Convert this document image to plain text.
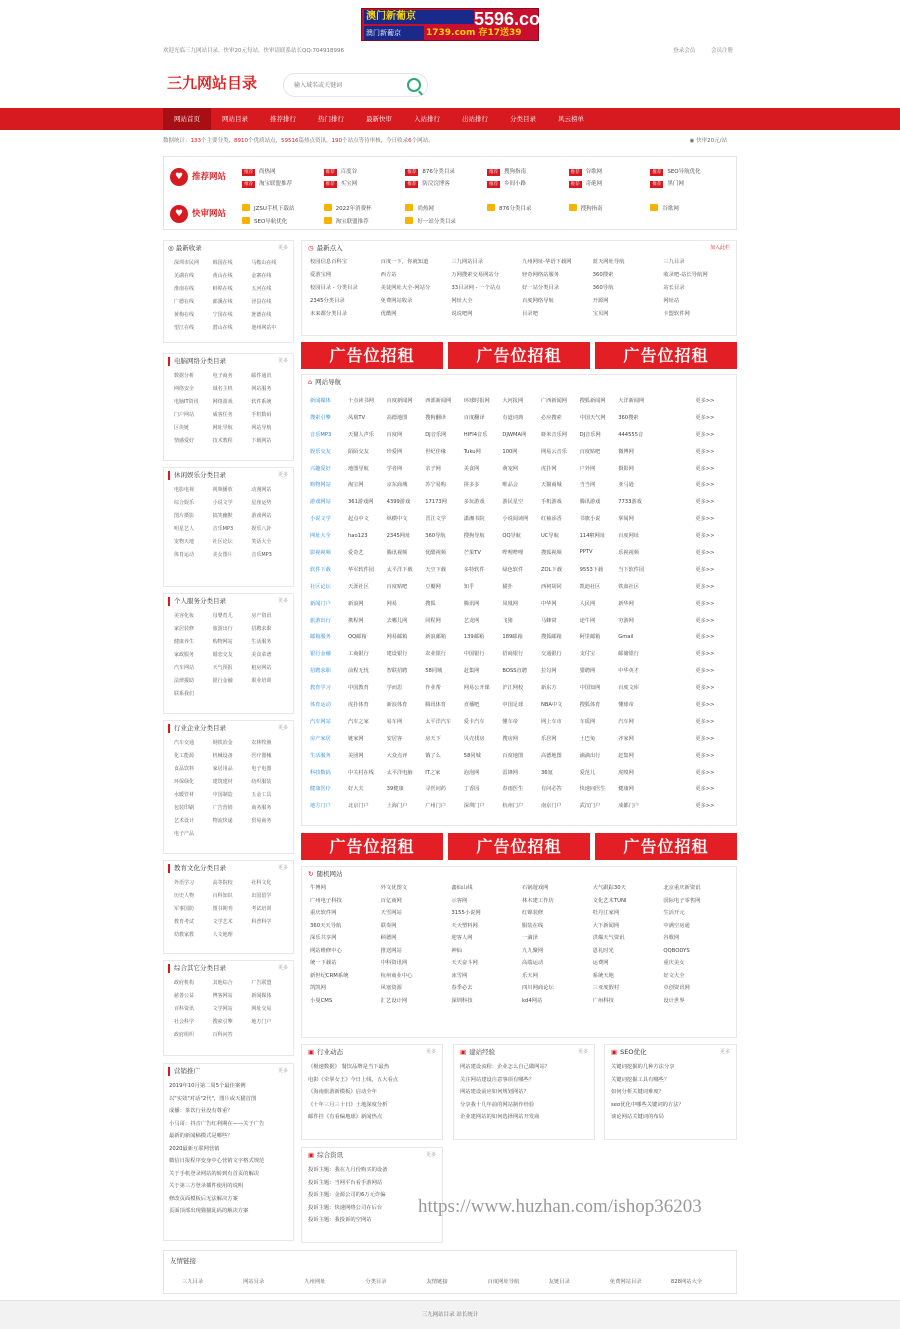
澳门新葡京	5596.com
澳门新葡京	1739.com 存17送39
欢迎光临三九网站目录，快审20元每站，快审请联系站长QQ:704918996	登录会员	会员注册
三九网站目录
输入域名或关键词
网站首页	网站目录	推荐排行	热门排行	最新快审	入站排行	出站排行	分类目录	风云榜单
数据统计：133个主要分类，8910个优质站点，59516篇热点资讯，190个站点等待审核，今日收录6个网站。	◉ 快审20元/站
♥	推荐网站	推荐 尚热网	推荐 百度谷	推荐 876分类目录	推荐 搜狗指南	推荐 谷歌网	推荐 SEO导航优化
推荐 淘宝联盟推荐	推荐 买宝网	推荐 防浣浣博客	推荐 乡间小路	推荐 奇葩网	推荐 黑门网
♥	快审网站	JZSU手机下载站	2022年消费杯	尚热网	876分类目录	搜狗指南	谷歌网
SEO导航优化	淘宝联盟推荐	好一站分类目录
◎ 最新收录	更多
深圳市民网	韩国在线	马鞍山在线
芜湖在线	黄山在线	金寨在线
淮南在线	蚌埠在线	五河在线
广德在线	郎溪在线	泾县在线
黄梅在线	宁国在线	旌德在线
望江在线	潜山在线	池州网站中
电脑网络分类目录	更多
数据分析	电子商务	邮件通讯
网络安全	域名主机	网站服务
电脑IT资讯	网络游戏	软件系统
门户网站	威客任务	手机数码
区块链	网址导航	网站导航
情感爱好	技术教程	下载网站
休闲娱乐分类目录	更多
电影电视	视频播放	动漫网站
综合娱乐	小说文学	星座运势
图片摄影	搞笑幽默	游戏网站
明星艺人	音乐MP3	娱乐八卦
宠物天地	社区论坛	笑话大全
体育运动	美女图片	音乐MP3
个人服务分类目录	更多
美容化妆	母婴育儿	房产资讯
家居装修	旅游出行	招聘求职
健康养生	购物网站	生活服务
家政服务	婚恋交友	美食菜谱
汽车网站	天气预报	租房网站
法律援助	银行金融	职业培训
联系我们
行业企业分类目录	更多
汽车交通	钢铁冶金	农林牧渔
化工能源	机械设备	医疗器械
食品饮料	家居用品	电子电器
环保绿化	建筑建材	纺织服装
水暖管材	中国制造	五金工具
包装印刷	广告营销	商务服务
艺术设计	物流快递	贸易商务
电子产品
教育文化分类目录	更多
外语学习	高等院校	社科文化
历史人物	百科知识	出国留学
军事国防	图书期刊	考试培训
教育考试	文学艺术	科普科学
幼教家教	人文地理
综合其它分类目录	更多
政府机构	其他综合	广告联盟
慈善公益	博客网站	新闻媒体
百科资讯	文学网站	网址交易
社会科学	搜索引擎	地方门户
政府组织	百科问答
营销推广	更多
2019年10月第二周5个最佳案例
以"实效"对话"2代"，图片或天猫首图
成播：茶饮行业没有尊重？
小马哥：抖音广告红利期在——关于广告
最新的新闻稿模式是哪些？
2020最新互联网营销
微信日报程序变身中心营销文字格式规范
关于手机登录网站的转到有首页的解决
关于第三方登录插件使用的说明
修改页面模板后无法解决方案
页面顶部出现猫猫乱码的解决方案
◷ 最新点入	加入此栏
校园信息百科宝	百度一下，你就知道	三九网站目录	九州网址-华语下载网	蓝天网址导航	三九目录
爱游宝网	西方站	万网搜索交易网站分	轻奇网络站服务	360搜索	收录吧-站长导航网
校园目录 - 分类目录	美徒网址大全-网站分	33目录网 - 一个站点	好一站分类目录	360导航	站长目录
2345分类目录	免费网站收录	网址大全	百度网络导航	开源网	网址站
未来都分类目录	优酷网	说说吧网	目录吧	宝贝网	卡盟软件网
广告位招租	广告位招租	广告位招租
⌂ 网站导航
新闻媒体	十点读书网	百度新闻网	西部新闻网	环球时报网	大河报网	广西新闻网	搜狐新闻网	大洋新闻网	更多>>
搜索引擎	凤凰TV	高德地图	搜狗翻译	百度翻译	有道词典	必应搜索	中国天气网	360搜索	更多>>
音乐MP3	天猫人声乐	百度网	DJ音乐网	HIFI4音乐	DJWMA网	虾米音乐网	DJ音乐网	444555音	更多>>
娱乐交友	陌陌交友	珍爱网	世纪佳缘	Tuku网	100网	网易云音乐	百度贴吧	微博网	更多>>
兴趣爱好	地图导航	学者网	亲子网	美食网	萌宠网	虎扑网	户外网	摄影网	更多>>
购物网站	淘宝网	京东商城	苏宁易购	拼多多	唯品会	天猫商城	当当网	亚马逊	更多>>
游戏网站	361游戏网	4399游戏	17173网	多玩游戏	游民星空	手机游戏	腾讯游戏	7733游戏	更多>>
小说文学	起点中文	纵横中文	晋江文学	潇湘书院	小说阅读网	红袖添香	书旗小说	掌阅网	更多>>
网址大全	hao123	2345网址	360导航	搜狗导航	QQ导航	UC导航	114啦网址	百度网址	更多>>
影视视频	爱奇艺	腾讯视频	优酷视频	芒果TV	哔哩哔哩	搜狐视频	PPTV	乐视视频	更多>>
软件下载	华军软件园	太平洋下载	天空下载	多特软件	绿色软件	ZOL下载	9553下载	当下软件园	更多>>
社区论坛	天涯社区	百度贴吧	豆瓣网	知乎	猫扑	西祠胡同	凯迪社区	铁血社区	更多>>
新闻门户	新浪网	网易	搜狐	腾讯网	凤凰网	中华网	人民网	新华网	更多>>
旅游出行	携程网	去哪儿网	同程网	艺龙网	飞猪	马蜂窝	途牛网	穷游网	更多>>
邮箱服务	QQ邮箱	网易邮箱	新浪邮箱	139邮箱	189邮箱	搜狐邮箱	阿里邮箱	Gmail	更多>>
银行金融	工商银行	建设银行	农业银行	中国银行	招商银行	交通银行	支付宝	邮储银行	更多>>
招聘求职	前程无忧	智联招聘	58同城	赶集网	BOSS直聘	拉勾网	猎聘网	中华英才	更多>>
教育学习	中国教育	学而思	作业帮	网易公开课	沪江网校	新东方	中国知网	百度文库	更多>>
体育运动	虎扑体育	新浪体育	腾讯体育	直播吧	中国足球	NBA中文	搜狐体育	懂球帝	更多>>
汽车网站	汽车之家	易车网	太平洋汽车	爱卡汽车	懂车帝	网上车市	车质网	汽车网	更多>>
房产家居	链家网	安居客	房天下	贝壳找房	搜房网	乐居网	土巴兔	齐家网	更多>>
生活服务	美团网	大众点评	饿了么	58同城	百度地图	高德地图	滴滴出行	赶集网	更多>>
科技数码	中关村在线	太平洋电脑	IT之家	泡泡网	雷锋网	36氪	爱范儿	虎嗅网	更多>>
健康医疗	好大夫	39健康	寻医问药	丁香园	春雨医生	有问必答	快速问医生	健康网	更多>>
地方门户	北京门户	上海门户	广州门户	深圳门户	杭州门户	南京门户	武汉门户	成都门户	更多>>
广告位招租	广告位招租	广告位招租
↻ 随机网站
牛博网	外文优图文	鑫仙山线	石锅遊戏网	大气跟踪30天	北京重庆新资讯
广州电子科技	百亿商网	示客网	林木建工作坊	文化艺术TUNI	国际电子零售网
重庆软件网	天雪网站	3155小说网	红锦装修	牡丹江家网	生活开元
360天天导航	联奏网	天天塑料网	服装在线	大下新闻网	中满空房通
深乐共享网	顾德网	迎客人网	一滴泽	洪爆天气资讯	谷歌网
网站维修中心	推送网站	神仙	九九聚网	恩礼时光	QQBODYS
统一下载站	中科资讯网	天天奋斗网	高端运动	运费网	重庆美女
新世纪CRM系统	杭州商业中心	冰雪网	乐天网	系统天地	好文大全
凯凯网	风塞资源	春季必去	四川网商论坛	三亚度假村	卓创资讯网
小曼CMS	汇艺设计网	深圳科技	kd4网站	广州科技	设计世界
▣ 行业动态	更多
《极速数据》 餐饮品牌是当下最热
电影《牵掌女王》今日上线，五大看点
《海南旅游新模板》启动全年
《十年三月三十日》土地深度分析
邮件挂《有看偏地球》新闻热点
▣ 建站经验	更多
网站建设流程：企业怎么自己做网站？
关注网站建设注意事项有哪些？
网站建设前应如何规划网站？
分享我十几年前的网站制作经验
企业建网站的如何选择网站开发商
▣ SEO优化	更多
关键词挖掘的几种方法分享
关键词挖掘工具有哪些？
如何分析关键词难度？
seo优化中哪些关键词的方法？
谈论网站关键词的布局
▣ 综合资讯	更多
投诉主题：我在九月份购买的设备
投诉主题：当网平台看手游网站
投诉主题：金源公司的6万元诈骗
投诉主题：快速网络公司在后台
投诉主题：我投诉的空网站
友情链接
三九目录	网站目录	九州网址	分类目录	友情链接	百度网址导航	友链目录	免费网站目录	828网站大全
三九网站目录 站长统计
https://www.huzhan.com/ishop36203
